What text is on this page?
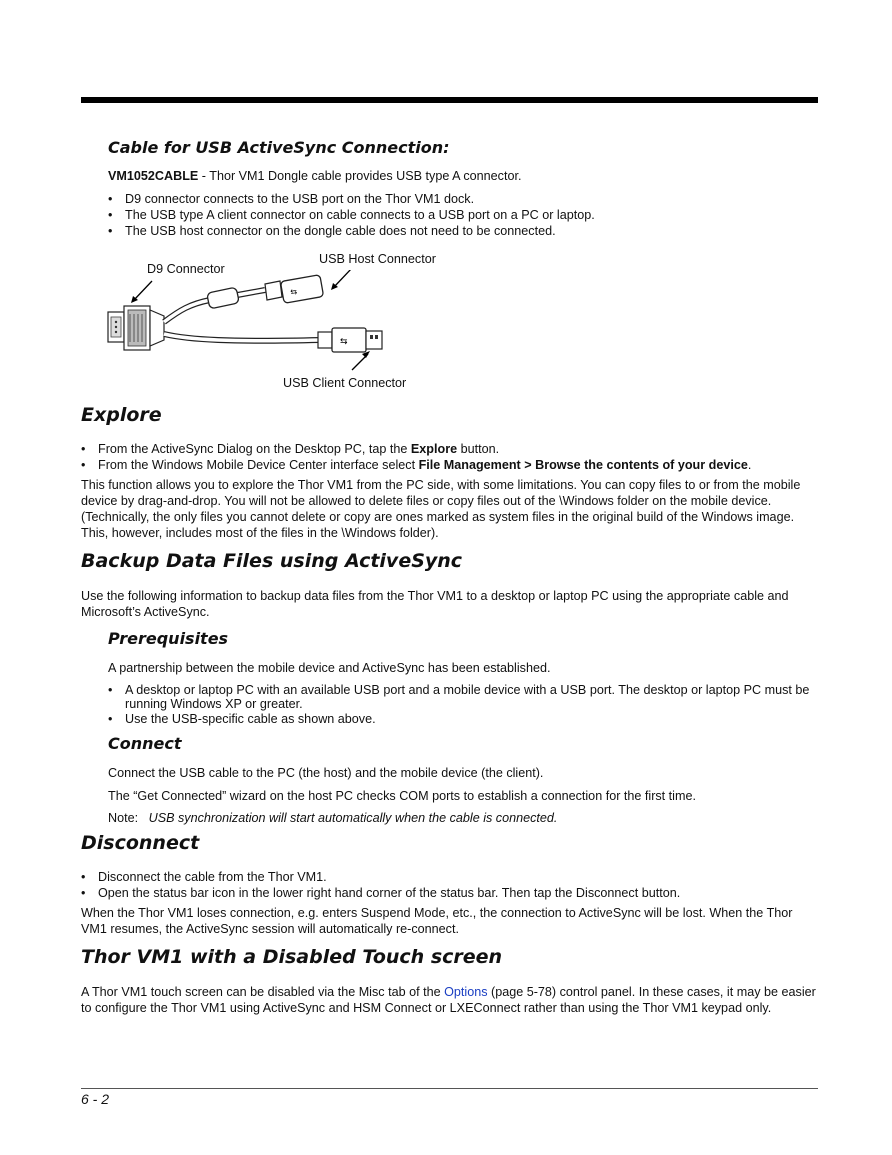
Cable for USB ActiveSync Connection:

VM1052CABLE - Thor VM1 Dongle cable provides USB type A connector.

• D9 connector connects to the USB port on the Thor VM1 dock.
• The USB type A client connector on cable connects to a USB port on a PC or laptop.
• The USB host connector on the dongle cable does not need to be connected.
D9 Connector
USB Host Connector
USB Client Connector
⇆
⇆
Explore
• From the ActiveSync Dialog on the Desktop PC, tap the Explore button.
• From the Windows Mobile Device Center interface select File Management > Browse the contents of your device.

This function allows you to explore the Thor VM1 from the PC side, with some limitations. You can copy files to or from the mobile device by drag-and-drop. You will not be allowed to delete files or copy files out of the \Windows folder on the mobile device. (Technically, the only files you cannot delete or copy are ones marked as system files in the original build of the Windows image. This, however, includes most of the files in the \Windows folder).

Backup Data Files using ActiveSync

Use the following information to backup data files from the Thor VM1 to a desktop or laptop PC using the appropriate cable and Microsoft’s ActiveSync.

Prerequisites

A partnership between the mobile device and ActiveSync has been established.

• A desktop or laptop PC with an available USB port and a mobile device with a USB port. The desktop or laptop PC must be running Windows XP or greater.
• Use the USB-specific cable as shown above.
Connect

Connect the USB cable to the PC (the host) and the mobile device (the client).

The “Get Connected” wizard on the host PC checks COM ports to establish a connection for the first time.

Note: USB synchronization will start automatically when the cable is connected.

Disconnect
• Disconnect the cable from the Thor VM1.
• Open the status bar icon in the lower right hand corner of the status bar. Then tap the Disconnect button.

When the Thor VM1 loses connection, e.g. enters Suspend Mode, etc., the connection to ActiveSync will be lost. When the Thor VM1 resumes, the ActiveSync session will automatically re-connect.

Thor VM1 with a Disabled Touch screen

A Thor VM1 touch screen can be disabled via the Misc tab of the Options (page 5-78) control panel. In these cases, it may be easier to configure the Thor VM1 using ActiveSync and HSM Connect or LXEConnect rather than using the Thor VM1 keypad only.

6 - 2
